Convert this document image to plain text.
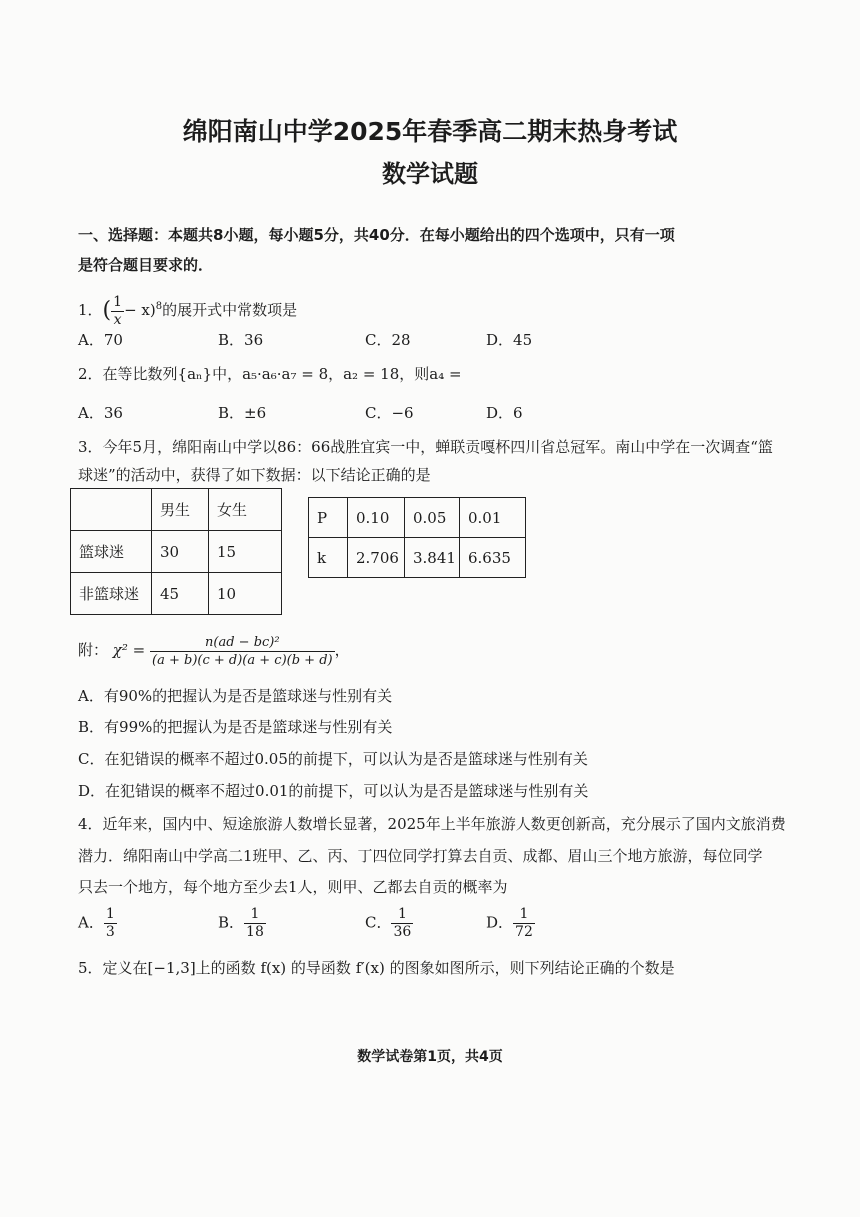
绵阳南山中学2025年春季高二期末热身考试
数学试题
一、选择题：本题共8小题，每小题5分，共40分．在每小题给出的四个选项中，只有一项
是符合题目要求的．
1．( $\frac{1}{x} - x)^8$的展开式中常数项是
A．70	B．36	C．28	D．45
2．在等比数列{aₙ}中，a₅·a₆·a₇ = 8，a₂ = 18，则a₄ =
A．36	B．±6	C．−6	D．6
3．今年5月，绵阳南山中学以86：66战胜宜宾一中，蝉联贡嘎杯四川省总冠军。南山中学在一次调查“篮
球迷”的活动中，获得了如下数据：以下结论正确的是
	男生	女生
篮球迷	30	15
非篮球迷	45	10
P	0.10	0.05	0.01
k	2.706	3.841	6.635
附： $\chi^2 = \frac{\text{n(ad − bc)²}}{(a + b)(c + d)(a + c)(b + d)}$ ，
A．有90%的把握认为是否是篮球迷与性别有关
B．有99%的把握认为是否是篮球迷与性别有关
C．在犯错误的概率不超过0.05的前提下，可以认为是否是篮球迷与性别有关
D．在犯错误的概率不超过0.01的前提下，可以认为是否是篮球迷与性别有关
4．近年来，国内中、短途旅游人数增长显著，2025年上半年旅游人数更创新高，充分展示了国内文旅消费
潜力．绵阳南山中学高二1班甲、乙、丙、丁四位同学打算去自贡、成都、眉山三个地方旅游，每位同学
只去一个地方，每个地方至少去1人，则甲、乙都去自贡的概率为
A． $\frac{1}{3}$	B． $\frac{1}{18}$	C． $\frac{1}{36}$	D． $\frac{1}{72}$
5．定义在[−1,3]上的函数 f(x) 的导函数 f′(x) 的图象如图所示，则下列结论正确的个数是
数学试卷第1页，共4页
